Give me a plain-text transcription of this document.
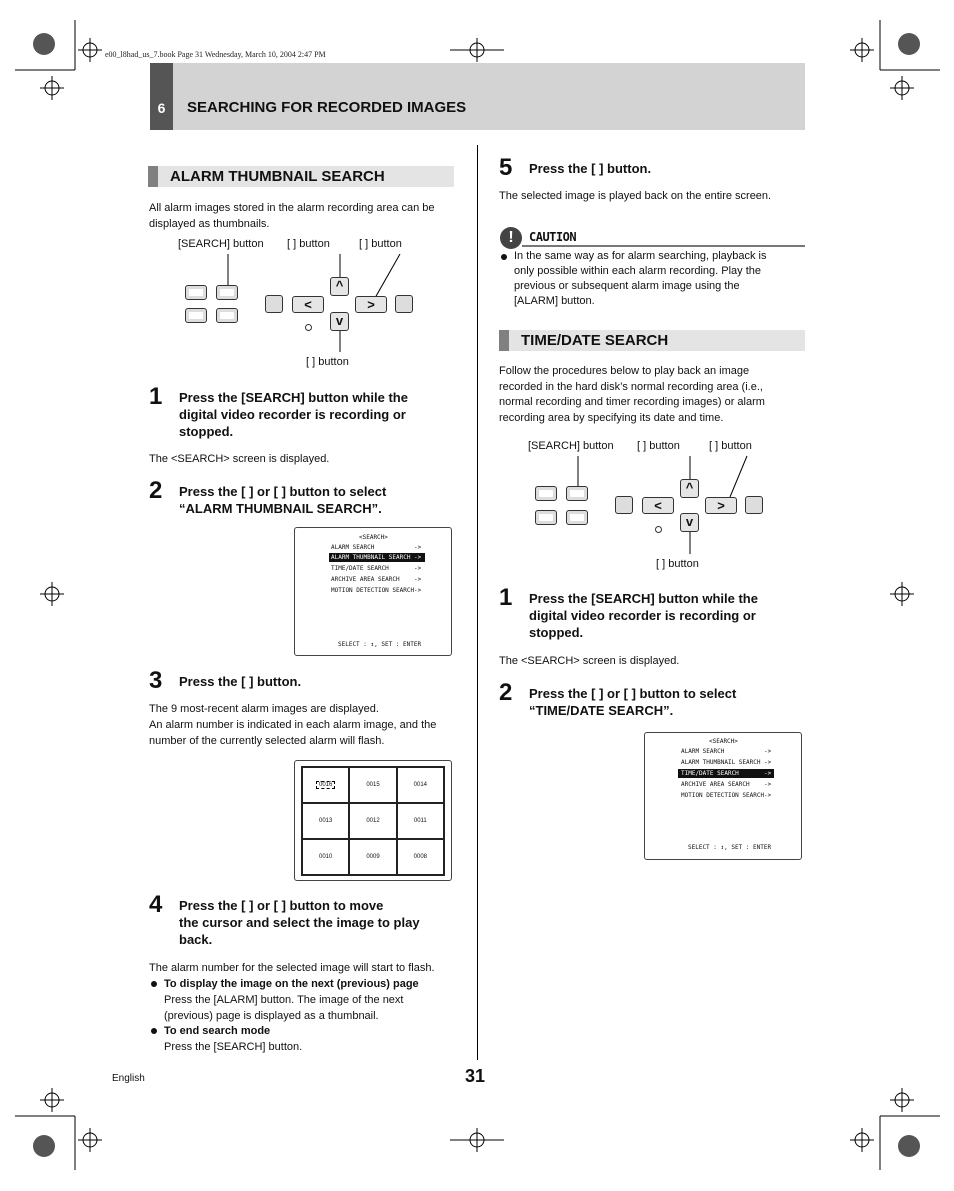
e00_l8had_us_7.book Page 31 Wednesday, March 10, 2004 2:47 PM
6	SEARCHING FOR RECORDED IMAGES
ALARM THUMBNAIL SEARCH
All alarm images stored in the alarm recording area can be
displayed as thumbnails.
[SEARCH] button [ ] button	[ ] button
[ ] button
<
^
>
v
1 Press the [SEARCH] button while the
digital video recorder is recording or
stopped.
The <SEARCH> screen is displayed.
2 Press the [ ] or [ ] button to select
“ALARM THUMBNAIL SEARCH”.
<SEARCH>
ALARM SEARCH	->
ALARM THUMBNAIL SEARCH ->
TIME/DATE SEARCH	->
ARCHIVE AREA SEARCH ->
MOTION DETECTION SEARCH ->
SELECT : ↕, SET : ENTER
3 Press the [ ] button.
The 9 most-recent alarm images are displayed.
An alarm number is indicated in each alarm image, and the
number of the currently selected alarm will flash.
0016	0015	0014
0013	0012	0011
0010	0009	0008
4 Press the [ ] or [ ] button to move
the cursor and select the image to play
back.
The alarm number for the selected image will start to flash.
To display the image on the next (previous) page
Press the [ALARM] button. The image of the next
(previous) page is displayed as a thumbnail.
To end search mode
Press the [SEARCH] button.
5 Press the [ ] button.
The selected image is played back on the entire screen.
!	CAUTION
In the same way as for alarm searching, playback is
only possible within each alarm recording. Play the
previous or subsequent alarm image using the
[ALARM] button.
TIME/DATE SEARCH
Follow the procedures below to play back an image
recorded in the hard disk’s normal recording area (i.e.,
normal recording and timer recording images) or alarm
recording area by specifying its date and time.
[SEARCH] button [ ] button	[ ] button
[ ] button
<
^
>
v
1 Press the [SEARCH] button while the
digital video recorder is recording or
stopped.
The <SEARCH> screen is displayed.
2 Press the [ ] or [ ] button to select
“TIME/DATE SEARCH”.
<SEARCH>
ALARM SEARCH	->
ALARM THUMBNAIL SEARCH ->
TIME/DATE SEARCH	->
ARCHIVE AREA SEARCH ->
MOTION DETECTION SEARCH ->
SELECT : ↕, SET : ENTER
English	31
